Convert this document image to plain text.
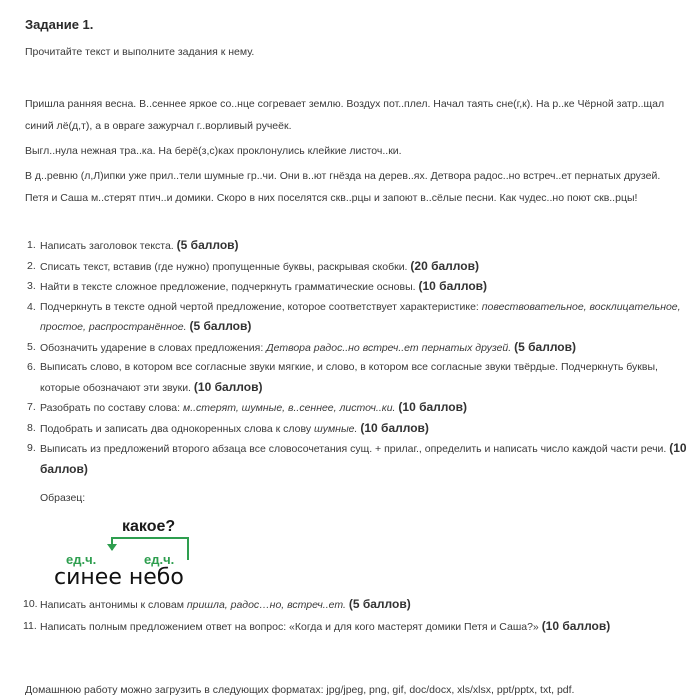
Задание 1.

Прочитайте текст и выполните задания к нему.

Пришла ранняя весна. В..сеннее яркое со..нце согревает землю. Воздух пот..плел. Начал таять сне(г,к). На р..ке Чёрной затр..щал синий лё(д,т), а в овраге зажурчал г..ворливый ручеёк.

Выгл..нула нежная тра..ка. На берё(з,с)ках проклонулись клейкие листоч..ки.

В д..ревню (л,Л)ипки уже прил..тели шумные гр..чи. Они в..ют гнёзда на дерев..ях. Детвора радос..но встреч..ет пернатых друзей. Петя и Саша м..стерят птич..и домики. Скоро в них поселятся скв..рцы и запоют в..сёлые песни. Как чудес..но поют скв..рцы!

1. Написать заголовок текста. (5 баллов)
2. Списать текст, вставив (где нужно) пропущенные буквы, раскрывая скобки. (20 баллов)
3. Найти в тексте сложное предложение, подчеркнуть грамматические основы. (10 баллов)
4. Подчеркнуть в тексте одной чертой предложение, которое соответствует характеристике: повествовательное, восклицательное, простое, распространённое. (5 баллов)
5. Обозначить ударение в словах предложения: Детвора радос..но встреч..ет пернатых друзей. (5 баллов)
6. Выписать слово, в котором все согласные звуки мягкие, и слово, в котором все согласные звуки твёрдые. Подчеркнуть буквы, которые обозначают эти звуки. (10 баллов)
7. Разобрать по составу слова: м..стерят, шумные, в..сеннее, листоч..ки. (10 баллов)
8. Подобрать и записать два однокоренных слова к слову шумные. (10 баллов)
9. Выписать из предложений второго абзаца все словосочетания сущ. + прилаг., определить и написать число каждой части речи. (10 баллов)

Образец:

какое?
ед.ч.	ед.ч.
синее небо
10. Написать антонимы к словам пришла, радос…но, встреч..ет. (5 баллов)
11. Написать полным предложением ответ на вопрос: «Когда и для кого мастерят домики Петя и Саша?» (10 баллов)

Домашнюю работу можно загрузить в следующих форматах: jpg/jpeg, png, gif, doc/docx, xls/xlsx, ppt/pptx, txt, pdf.
